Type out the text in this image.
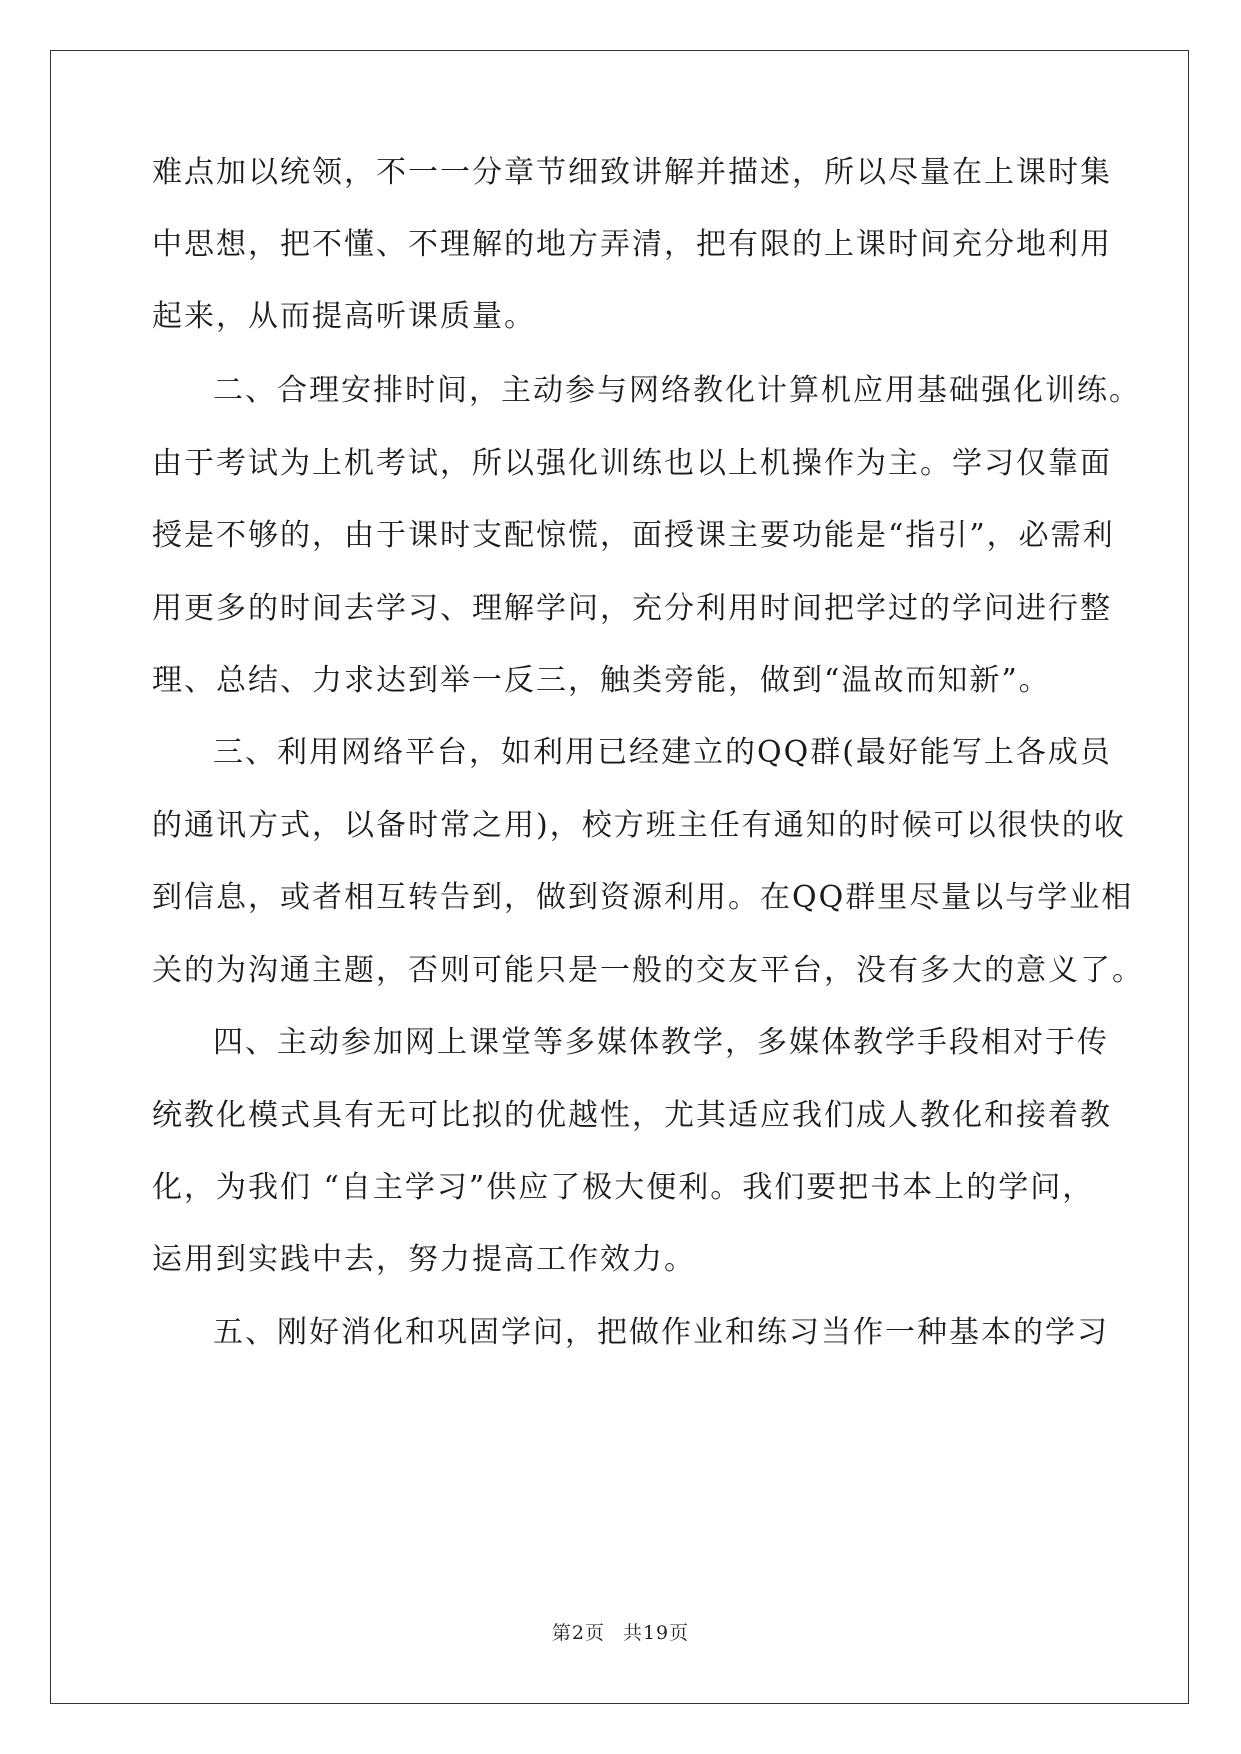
难点加以统领，不一一分章节细致讲解并描述，所以尽量在上课时集
中思想，把不懂、不理解的地方弄清，把有限的上课时间充分地利用
起来，从而提高听课质量。
二、合理安排时间，主动参与网络教化计算机应用基础强化训练。
由于考试为上机考试，所以强化训练也以上机操作为主。学习仅靠面
授是不够的，由于课时支配惊慌，面授课主要功能是“指引”，必需利
用更多的时间去学习、理解学问，充分利用时间把学过的学问进行整
理、总结、力求达到举一反三，触类旁能，做到“温故而知新”。
三、利用网络平台，如利用已经建立的QQ群(最好能写上各成员
的通讯方式，以备时常之用)，校方班主任有通知的时候可以很快的收
到信息，或者相互转告到，做到资源利用。在QQ群里尽量以与学业相
关的为沟通主题，否则可能只是一般的交友平台，没有多大的意义了。
四、主动参加网上课堂等多媒体教学，多媒体教学手段相对于传
统教化模式具有无可比拟的优越性，尤其适应我们成人教化和接着教
化，为我们 “自主学习”供应了极大便利。我们要把书本上的学问，
运用到实践中去，努力提高工作效力。
五、刚好消化和巩固学问，把做作业和练习当作一种基本的学习
第2页 共19页
